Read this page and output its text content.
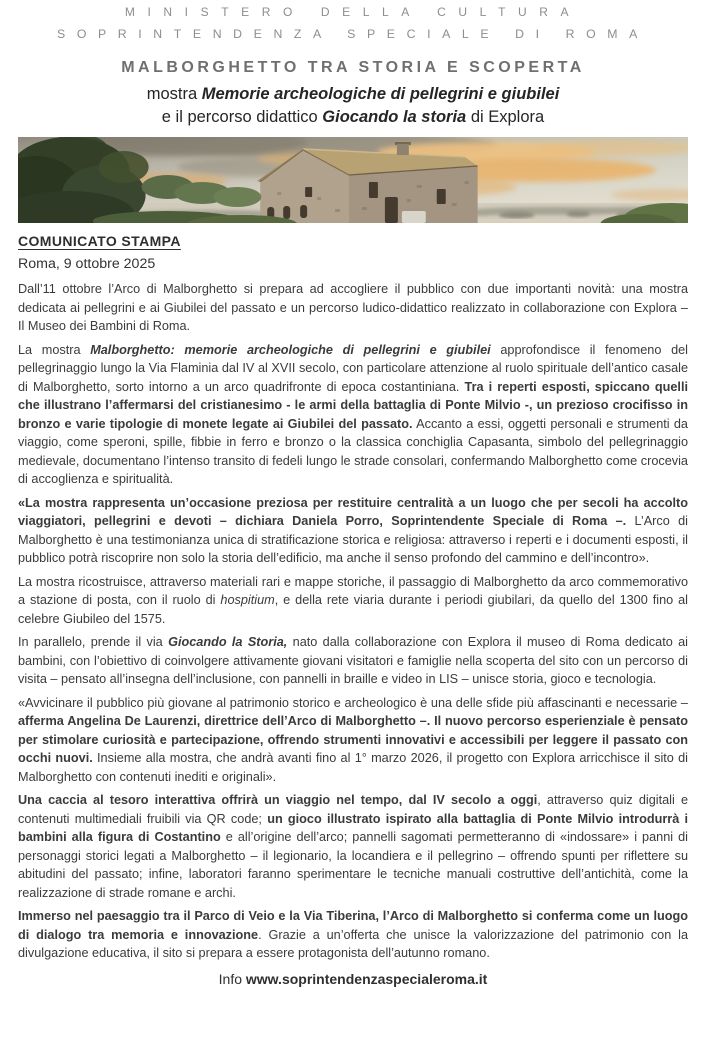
MINISTERO DELLA CULTURA
SOPRINTENDENZA SPECIALE DI ROMA
MALBORGHETTO TRA STORIA E SCOPERTA
mostra Memorie archeologiche di pellegrini e giubilei
e il percorso didattico Giocando la storia di Explora
COMUNICATO STAMPA
Roma, 9 ottobre 2025

Dall’11 ottobre l’Arco di Malborghetto si prepara ad accogliere il pubblico con due importanti novità: una mostra dedicata ai pellegrini e ai Giubilei del passato e un percorso ludico-didattico realizzato in collaborazione con Explora – Il Museo dei Bambini di Roma.

La mostra Malborghetto: memorie archeologiche di pellegrini e giubilei approfondisce il fenomeno del pellegrinaggio lungo la Via Flaminia dal IV al XVII secolo, con particolare attenzione al ruolo spirituale dell’antico casale di Malborghetto, sorto intorno a un arco quadrifronte di epoca costantiniana. Tra i reperti esposti, spiccano quelli che illustrano l’affermarsi del cristianesimo - le armi della battaglia di Ponte Milvio -, un prezioso crocifisso in bronzo e varie tipologie di monete legate ai Giubilei del passato. Accanto a essi, oggetti personali e strumenti da viaggio, come speroni, spille, fibbie in ferro e bronzo o la classica conchiglia Capasanta, simbolo del pellegrinaggio medievale, documentano l’intenso transito di fedeli lungo le strade consolari, confermando Malborghetto come crocevia di accoglienza e spiritualità.

«La mostra rappresenta un’occasione preziosa per restituire centralità a un luogo che per secoli ha accolto viaggiatori, pellegrini e devoti – dichiara Daniela Porro, Soprintendente Speciale di Roma –. L’Arco di Malborghetto è una testimonianza unica di stratificazione storica e religiosa: attraverso i reperti e i documenti esposti, il pubblico potrà riscoprire non solo la storia dell’edificio, ma anche il senso profondo del cammino e dell’incontro».

La mostra ricostruisce, attraverso materiali rari e mappe storiche, il passaggio di Malborghetto da arco commemorativo a stazione di posta, con il ruolo di hospitium, e della rete viaria durante i periodi giubilari, da quello del 1300 fino al celebre Giubileo del 1575.

In parallelo, prende il via Giocando la Storia, nato dalla collaborazione con Explora il museo di Roma dedicato ai bambini, con l’obiettivo di coinvolgere attivamente giovani visitatori e famiglie nella scoperta del sito con un percorso di visita – pensato all’insegna dell’inclusione, con pannelli in braille e video in LIS – unisce storia, gioco e tecnologia.

«Avvicinare il pubblico più giovane al patrimonio storico e archeologico è una delle sfide più affascinanti e necessarie – afferma Angelina De Laurenzi, direttrice dell’Arco di Malborghetto –. Il nuovo percorso esperienziale è pensato per stimolare curiosità e partecipazione, offrendo strumenti innovativi e accessibili per leggere il passato con occhi nuovi. Insieme alla mostra, che andrà avanti fino al 1° marzo 2026, il progetto con Explora arricchisce il sito di Malborghetto con contenuti inediti e originali».

Una caccia al tesoro interattiva offrirà un viaggio nel tempo, dal IV secolo a oggi, attraverso quiz digitali e contenuti multimediali fruibili via QR code; un gioco illustrato ispirato alla battaglia di Ponte Milvio introdurrà i bambini alla figura di Costantino e all’origine dell’arco; pannelli sagomati permetteranno di «indossare» i panni di personaggi storici legati a Malborghetto – il legionario, la locandiera e il pellegrino – offrendo spunti per riflettere su abitudini del passato; infine, laboratori faranno sperimentare le tecniche manuali costruttive dell’antichità, come la realizzazione di strade romane e archi.

Immerso nel paesaggio tra il Parco di Veio e la Via Tiberina, l’Arco di Malborghetto si conferma come un luogo di dialogo tra memoria e innovazione. Grazie a un’offerta che unisce la valorizzazione del patrimonio con la divulgazione educativa, il sito si prepara a essere protagonista dell’autunno romano.

Info www.soprintendenzaspecialeroma.it
